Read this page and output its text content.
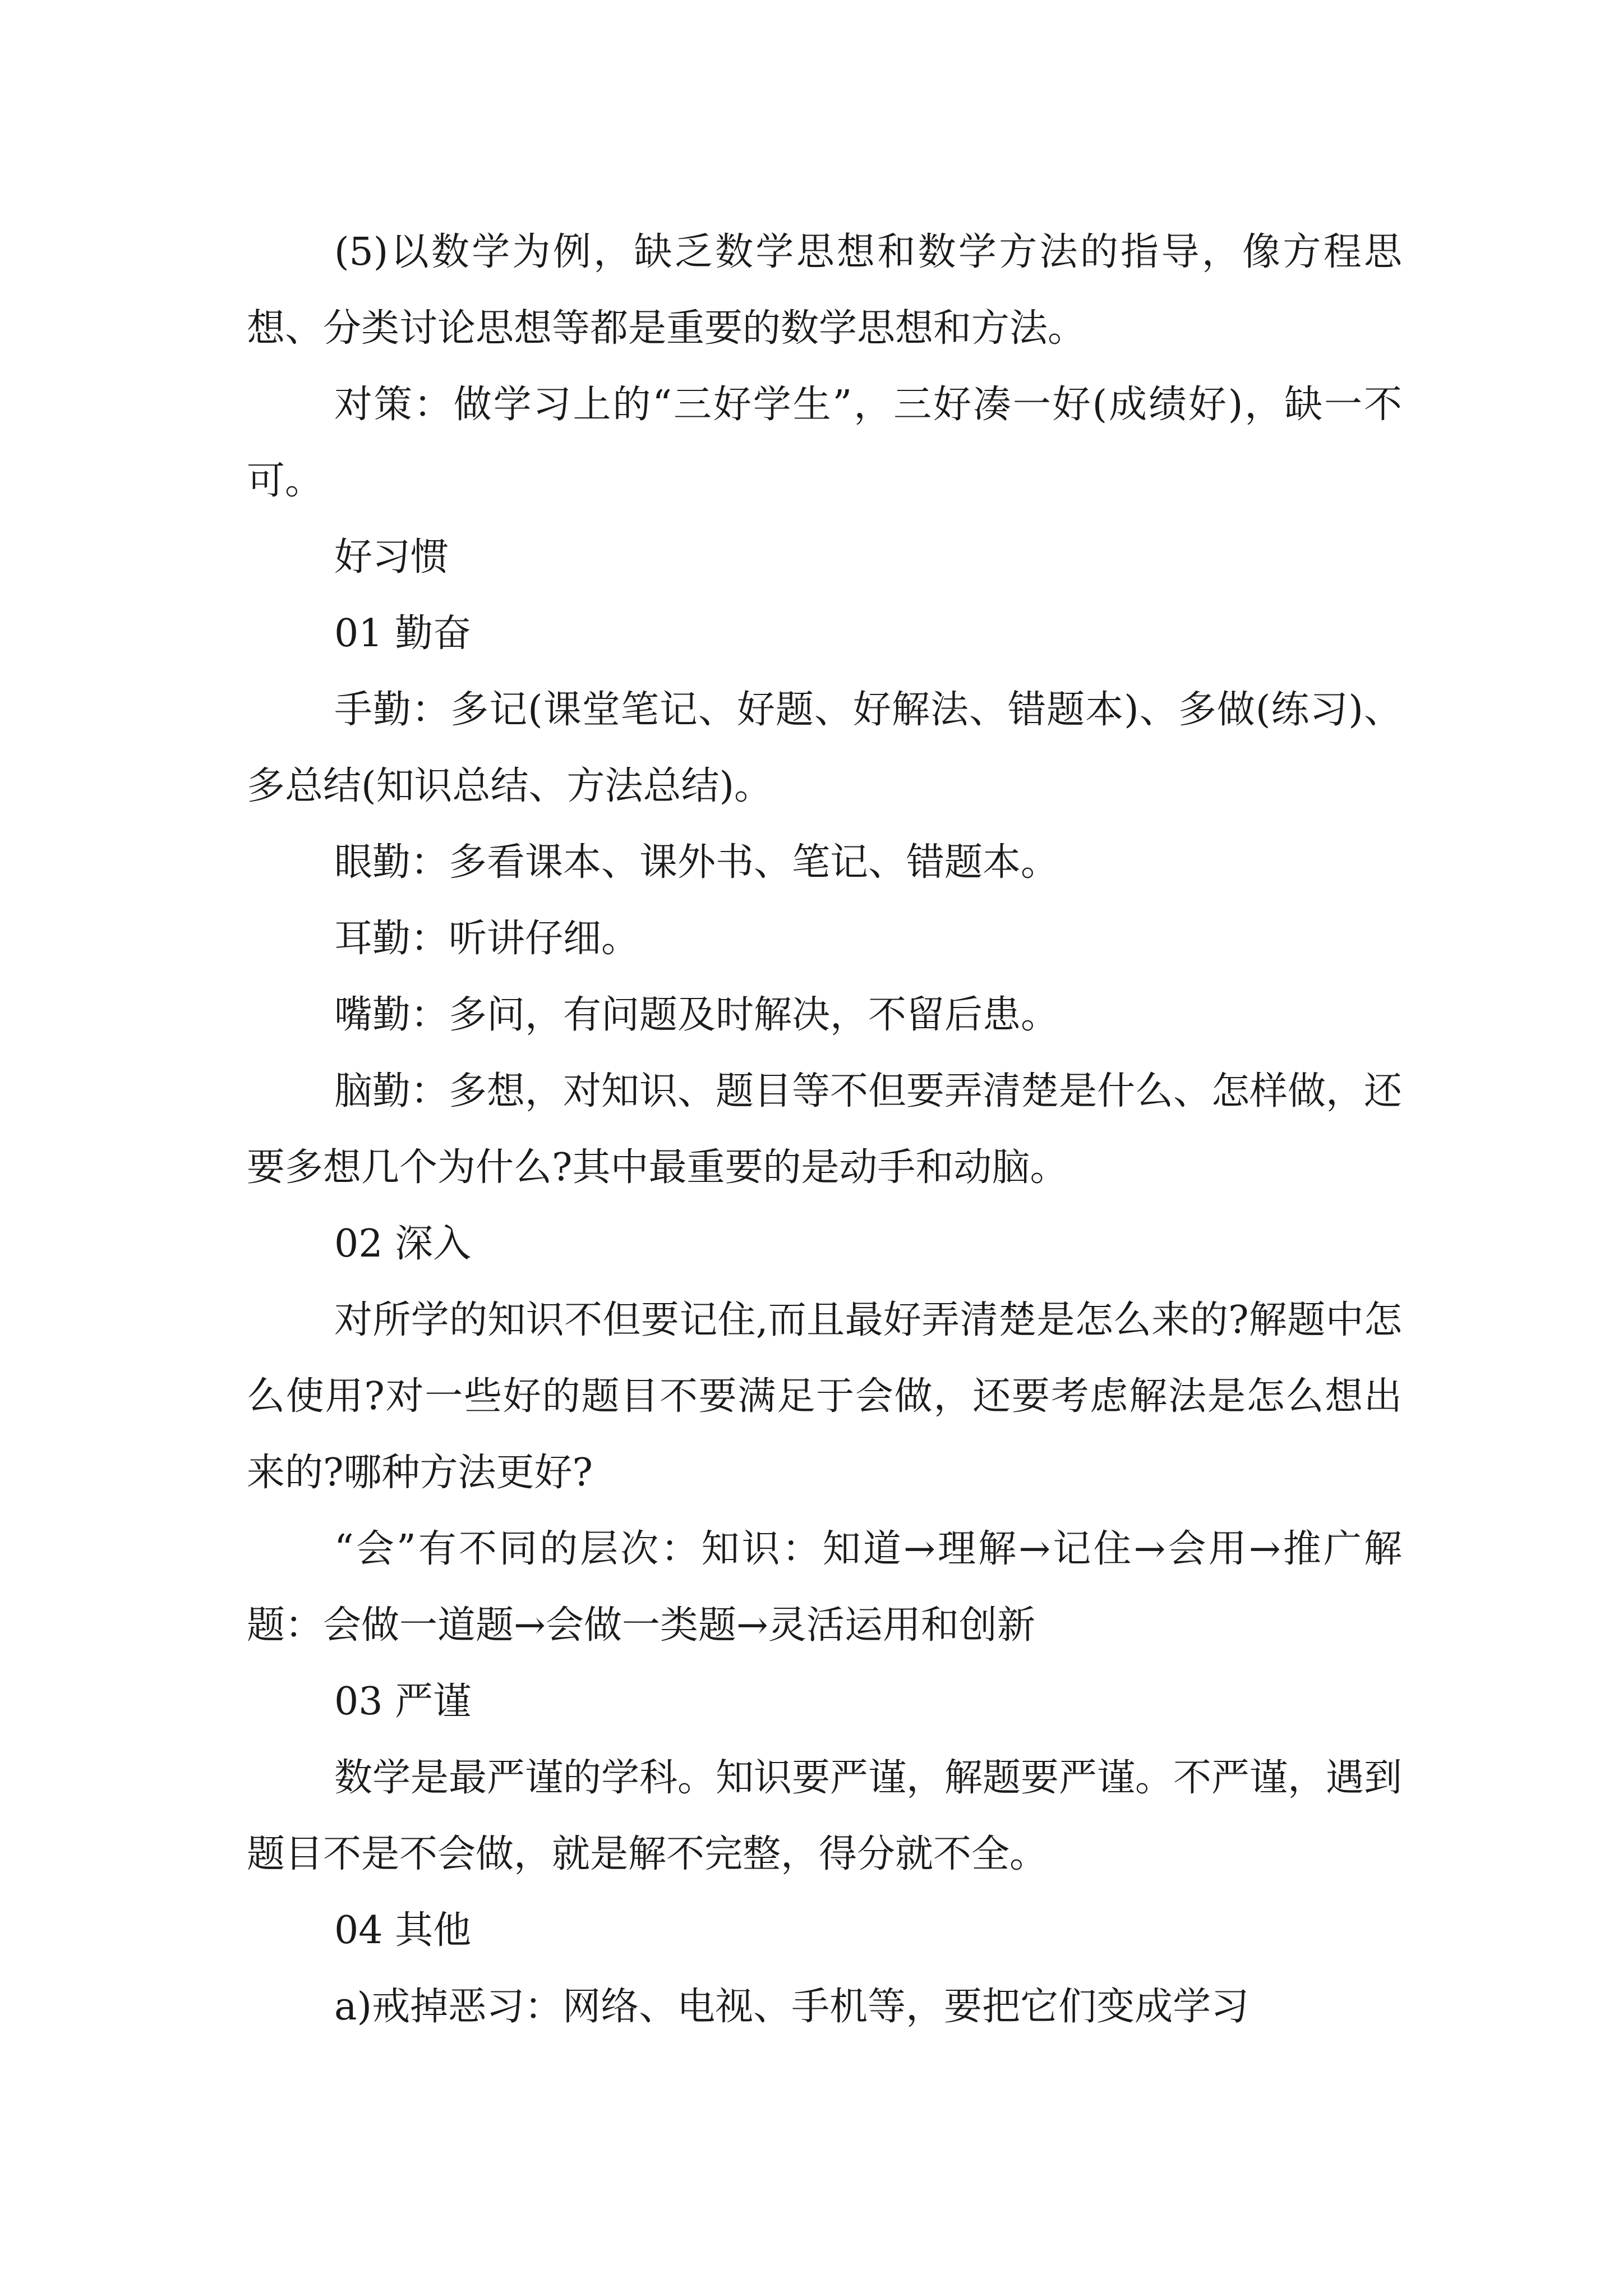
(5)以数学为例，缺乏数学思想和数学方法的指导，像方程思想、分类讨论思想等都是重要的数学思想和方法。

对策：做学习上的“三好学生”，三好凑一好(成绩好)，缺一不可。

好习惯

01 勤奋

手勤：多记(课堂笔记、好题、好解法、错题本)、多做(练习)、多总结(知识总结、方法总结)。

眼勤：多看课本、课外书、笔记、错题本。

耳勤：听讲仔细。

嘴勤：多问，有问题及时解决，不留后患。

脑勤：多想，对知识、题目等不但要弄清楚是什么、怎样做，还要多想几个为什么?其中最重要的是动手和动脑。

02 深入

对所学的知识不但要记住,而且最好弄清楚是怎么来的?解题中怎么使用?对一些好的题目不要满足于会做，还要考虑解法是怎么想出来的?哪种方法更好?

“会”有不同的层次：知识：知道→理解→记住→会用→推广解题：会做一道题→会做一类题→灵活运用和创新

03 严谨

数学是最严谨的学科。知识要严谨，解题要严谨。不严谨，遇到题目不是不会做，就是解不完整，得分就不全。

04 其他

a)戒掉恶习：网络、电视、手机等，要把它们变成学习
